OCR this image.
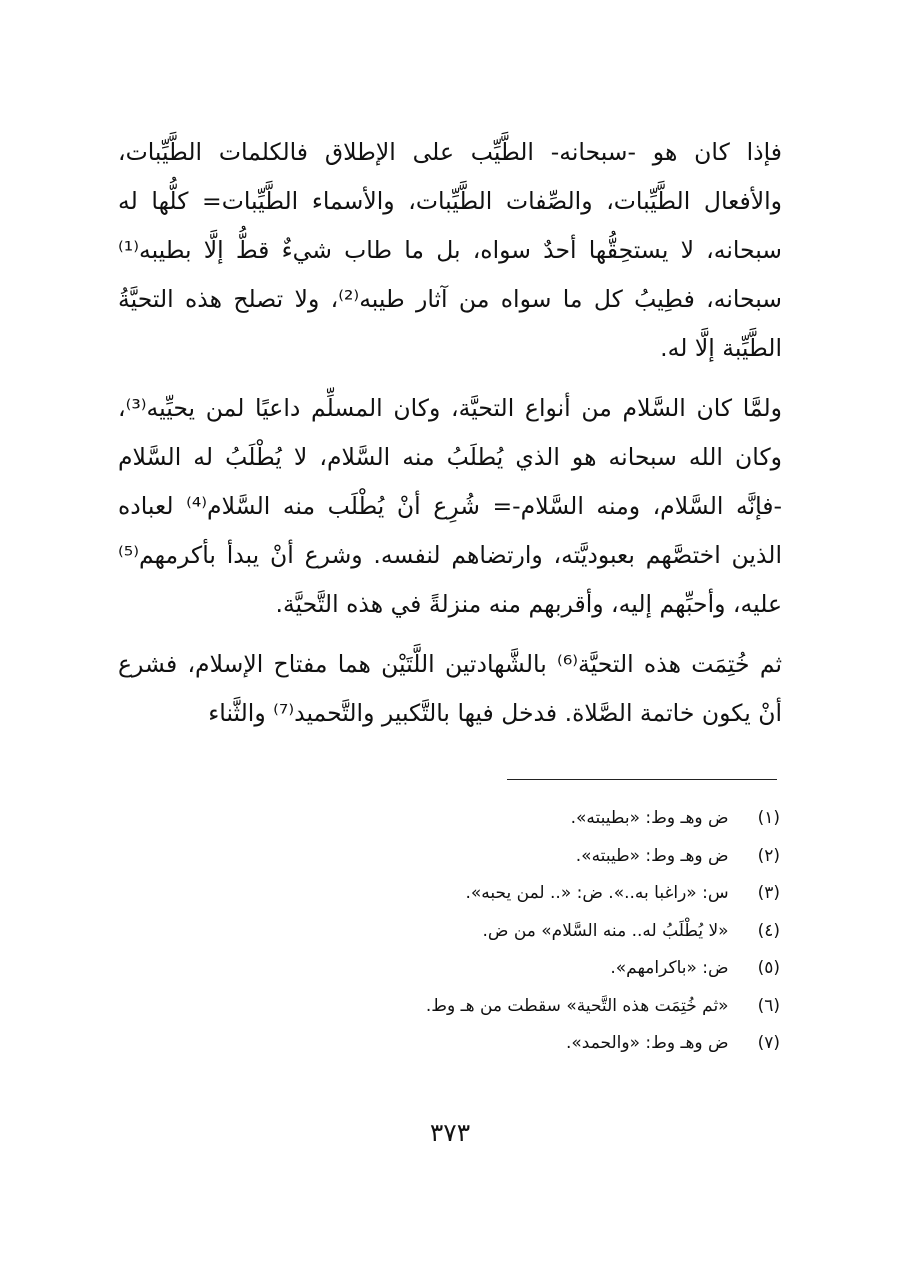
فإذا كان هو -سبحانه- الطَّيِّب على الإطلاق فالكلمات الطَّيِّبات، والأفعال الطَّيِّبات، والصِّفات الطَّيِّبات، والأسماء الطَّيِّبات= كلُّها له سبحانه، لا يستحِقُّها أحدٌ سواه، بل ما طاب شيءٌ قطُّ إلَّا بطيبه⁽¹⁾ سبحانه، فطِيبُ كل ما سواه من آثار طيبه⁽²⁾، ولا تصلح هذه التحيَّةُ الطَّيِّبة إلَّا له.

ولمَّا كان السَّلام من أنواع التحيَّة، وكان المسلِّم داعيًا لمن يحيِّيه⁽³⁾، وكان الله سبحانه هو الذي يُطلَبُ منه السَّلام، لا يُطْلَبُ له السَّلام -فإنَّه السَّلام، ومنه السَّلام-= شُرِع أنْ يُطْلَب منه السَّلام⁽⁴⁾ لعباده الذين اختصَّهم بعبوديَّته، وارتضاهم لنفسه. وشرع أنْ يبدأ بأكرمهم⁽⁵⁾ عليه، وأحبِّهم إليه، وأقربهم منه منزلةً في هذه التَّحيَّة.

ثم خُتِمَت هذه التحيَّة⁽⁶⁾ بالشَّهادتين اللَّتَيْن هما مفتاح الإسلام، فشرع أنْ يكون خاتمة الصَّلاة. فدخل فيها بالتَّكبير والتَّحميد⁽⁷⁾ والثَّناء

(١) ض وهـ وط: «بطيبته».
(٢) ض وهـ وط: «طيبته».
(٣) س: «راغبا به..». ض: «.. لمن يحبه».
(٤) «لا يُطْلَبُ له.. منه السَّلام» من ض.
(٥) ض: «باكرامهم».
(٦) «ثم خُتِمَت هذه التَّحية» سقطت من هـ وط.
(٧) ض وهـ وط: «والحمد».
٣٧٣
